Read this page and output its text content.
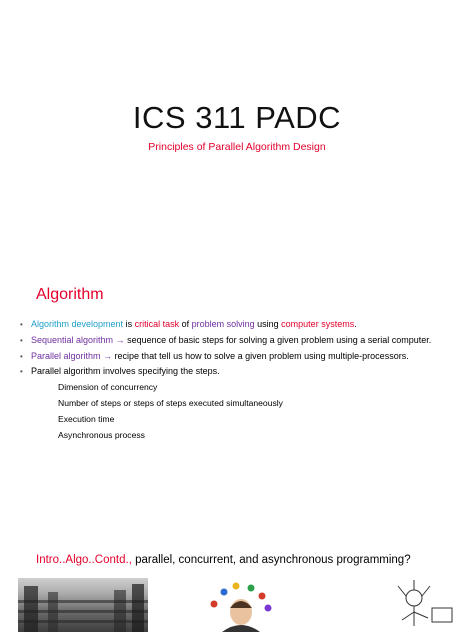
ICS 311 PADC
Principles of Parallel Algorithm Design
Algorithm
• Algorithm development is critical task of problem solving using computer systems.
• Sequential algorithm → sequence of basic steps for solving a given problem using a serial computer.
• Parallel algorithm → recipe that tell us how to solve a given problem using multiple-processors.
• Parallel algorithm involves specifying the steps.
Dimension of concurrency
Number of steps or steps of steps executed simultaneously
Execution time
Asynchronous process
Intro..Algo..Contd., parallel, concurrent, and asynchronous programming?
